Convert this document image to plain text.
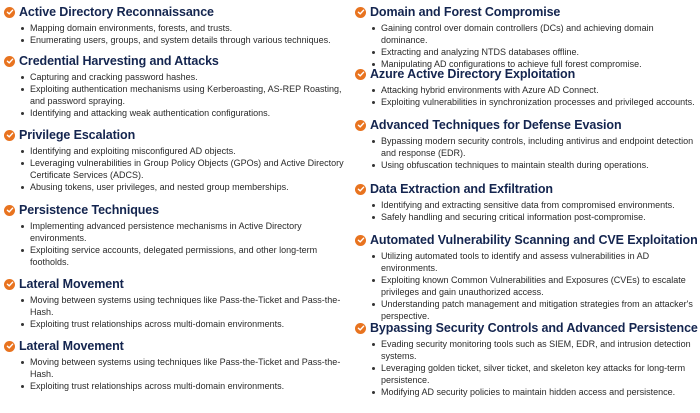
Active Directory Reconnaissance
Mapping domain environments, forests, and trusts.
Enumerating users, groups, and system details through various techniques.
Credential Harvesting and Attacks
Capturing and cracking password hashes.
Exploiting authentication mechanisms using Kerberoasting, AS-REP Roasting, and password spraying.
Identifying and attacking weak authentication configurations.
Privilege Escalation
Identifying and exploiting misconfigured AD objects.
Leveraging vulnerabilities in Group Policy Objects (GPOs) and Active Directory Certificate Services (ADCS).
Abusing tokens, user privileges, and nested group memberships.
Persistence Techniques
Implementing advanced persistence mechanisms in Active Directory environments.
Exploiting service accounts, delegated permissions, and other long-term footholds.
Lateral Movement
Moving between systems using techniques like Pass-the-Ticket and Pass-the-Hash.
Exploiting trust relationships across multi-domain environments.
Lateral Movement
Moving between systems using techniques like Pass-the-Ticket and Pass-the-Hash.
Exploiting trust relationships across multi-domain environments.
Domain and Forest Compromise
Gaining control over domain controllers (DCs) and achieving domain dominance.
Extracting and analyzing NTDS databases offline.
Manipulating AD configurations to achieve full forest compromise.
Azure Active Directory Exploitation
Attacking hybrid environments with Azure AD Connect.
Exploiting vulnerabilities in synchronization processes and privileged accounts.
Advanced Techniques for Defense Evasion
Bypassing modern security controls, including antivirus and endpoint detection and response (EDR).
Using obfuscation techniques to maintain stealth during operations.
Data Extraction and Exfiltration
Identifying and extracting sensitive data from compromised environments.
Safely handling and securing critical information post-compromise.
Automated Vulnerability Scanning and CVE Exploitation
Utilizing automated tools to identify and assess vulnerabilities in AD environments.
Exploiting known Common Vulnerabilities and Exposures (CVEs) to escalate privileges and gain unauthorized access.
Understanding patch management and mitigation strategies from an attacker's perspective.
Bypassing Security Controls and Advanced Persistence
Evading security monitoring tools such as SIEM, EDR, and intrusion detection systems.
Leveraging golden ticket, silver ticket, and skeleton key attacks for long-term persistence.
Modifying AD security policies to maintain hidden access and persistence.
